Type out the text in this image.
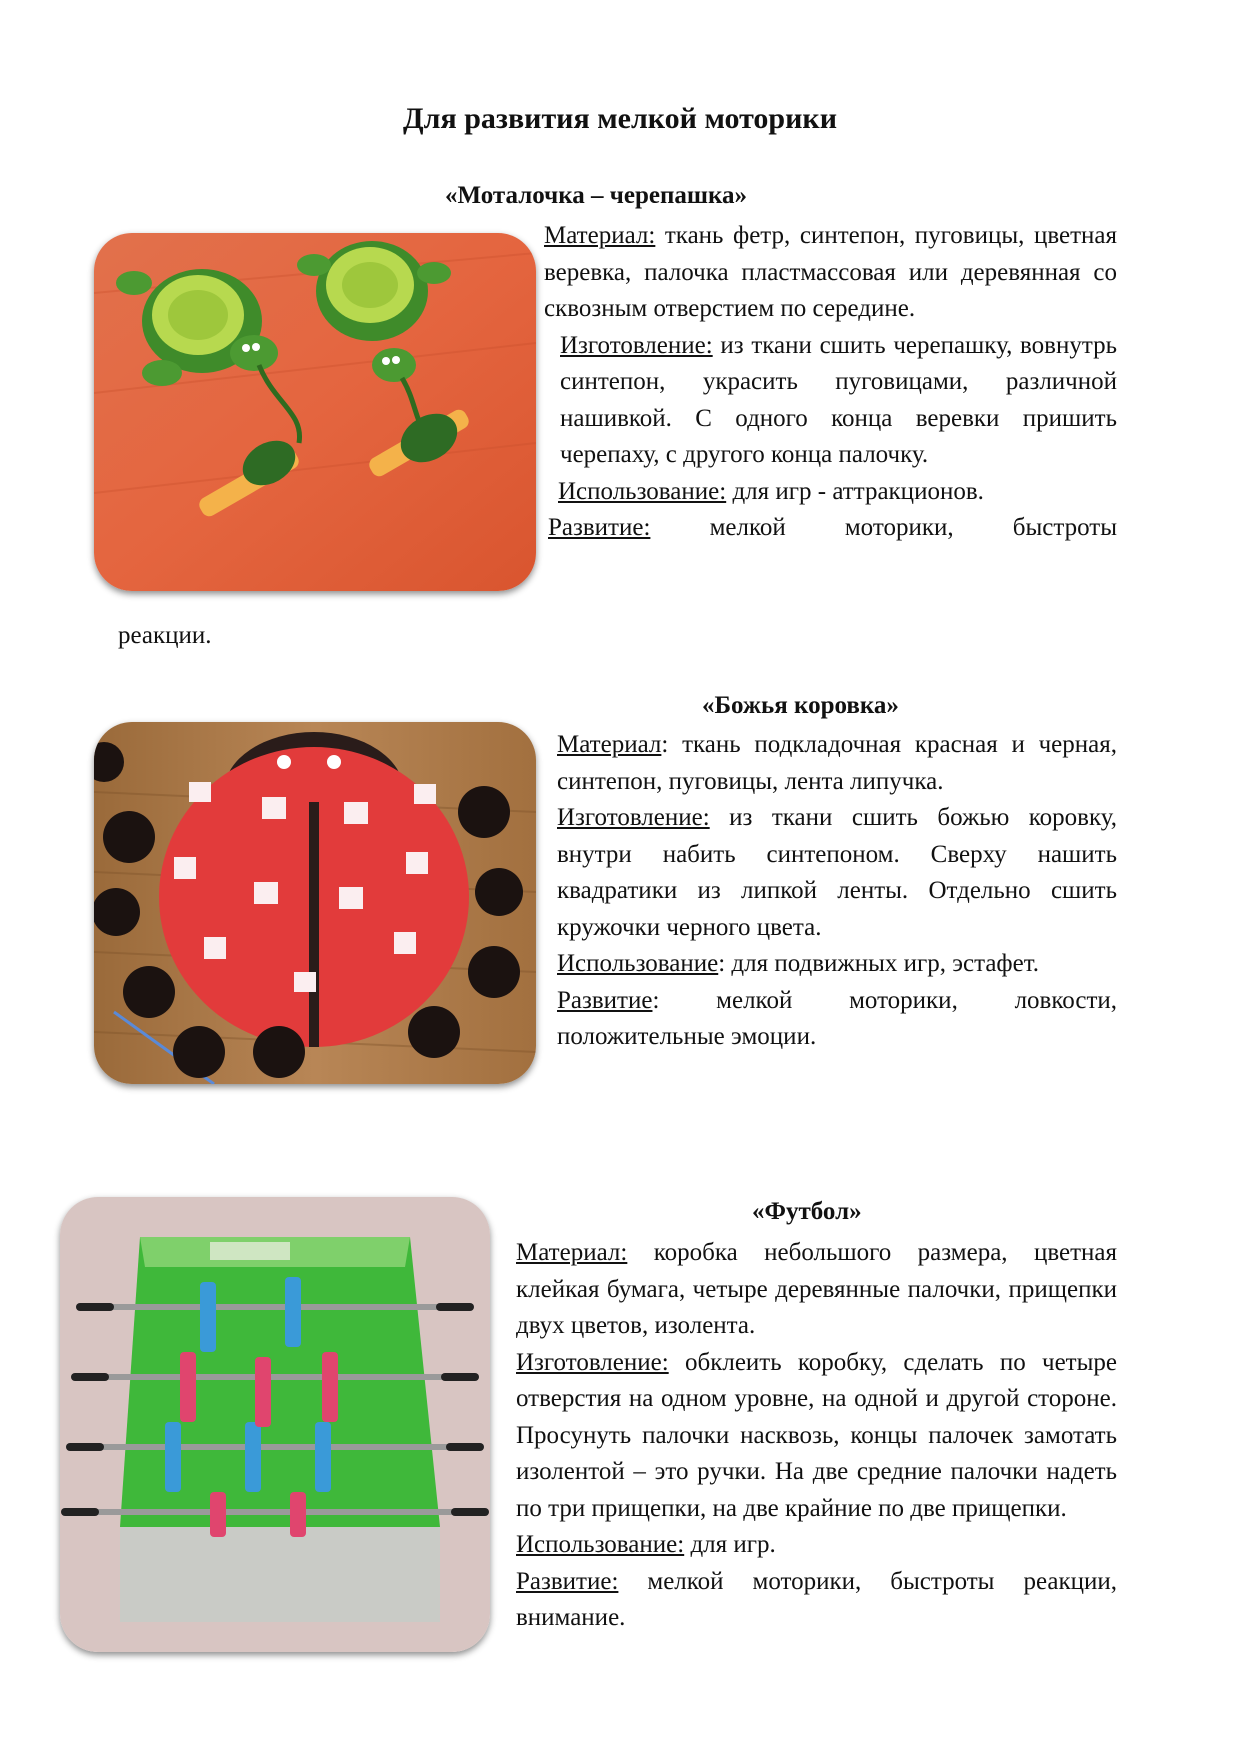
Для развития мелкой моторики
«Моталочка – черепашка»

Материал: ткань фетр, синтепон, пуговицы, цветная веревка, палочка пластмассовая или деревянная со сквозным отверстием по середине.

Изготовление: из ткани сшить черепашку, вовнутрь синтепон, украсить пуговицами, различной нашивкой. С одного конца веревки пришить черепаху, с другого конца палочку.

Использование: для игр - аттракционов.

Развитие: мелкой моторики, быстроты

реакции.
«Божья коровка»

Материал: ткань подкладочная красная и черная, синтепон, пуговицы, лента липучка.

Изготовление: из ткани сшить божью коровку, внутри набить синтепоном. Сверху нашить квадратики из липкой ленты. Отдельно сшить кружочки черного цвета.

Использование: для подвижных игр, эстафет.

Развитие: мелкой моторики, ловкости, положительные эмоции.

«Футбол»

Материал: коробка небольшого размера, цветная клейкая бумага, четыре деревянные палочки, прищепки двух цветов, изолента.

Изготовление: обклеить коробку, сделать по четыре отверстия на одном уровне, на одной и другой стороне. Просунуть палочки насквозь, концы палочек замотать изолентой – это ручки. На две средние палочки надеть по три прищепки, на две крайние по две прищепки.

Использование: для игр.

Развитие: мелкой моторики, быстроты реакции, внимание.
